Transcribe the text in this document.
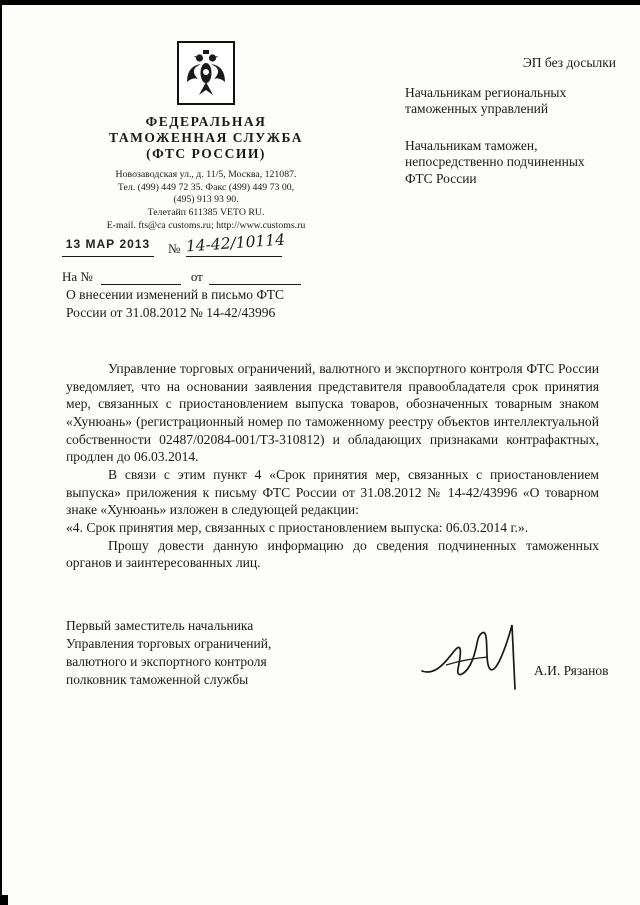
ЭП без досылки
Начальникам региональных
таможенных управлений
Начальникам таможен,
непосредственно подчиненных
ФТС России
ФЕДЕРАЛЬНАЯ
ТАМОЖЕННАЯ СЛУЖБА
(ФТС РОССИИ)
Новозаводская ул., д. 11/5, Москва, 121087.
Тел. (499) 449 72 35. Факс (499) 449 73 00,
(495) 913 93 90.
Телетайп 611385 VETO RU.
E-mail. fts@ca customs.ru; http://www.customs.ru
13 МАР 2013 № 14-42/10114
На №	от
О внесении изменений в письмо ФТС
России от 31.08.2012 № 14-42/43996

Управление торговых ограничений, валютного и экспортного контроля ФТС России уведомляет, что на основании заявления представителя правообладателя срок принятия мер, связанных с приостановлением выпуска товаров, обозначенных товарным знаком «Хунюань» (регистрационный номер по таможенному реестру объектов интеллектуальной собственности 02487/02084-001/ТЗ-310812) и обладающих признаками контрафактных, продлен до 06.03.2014.

В связи с этим пункт 4 «Срок принятия мер, связанных с приостановлением выпуска» приложения к письму ФТС России от 31.08.2012 № 14-42/43996 «О товарном знаке «Хунюань» изложен в следующей редакции:

«4. Срок принятия мер, связанных с приостановлением выпуска: 06.03.2014 г.».

Прошу довести данную информацию до сведения подчиненных таможенных органов и заинтересованных лиц.

Первый заместитель начальника
Управления торговых ограничений,
валютного и экспортного контроля
полковник таможенной службы
А.И. Рязанов
